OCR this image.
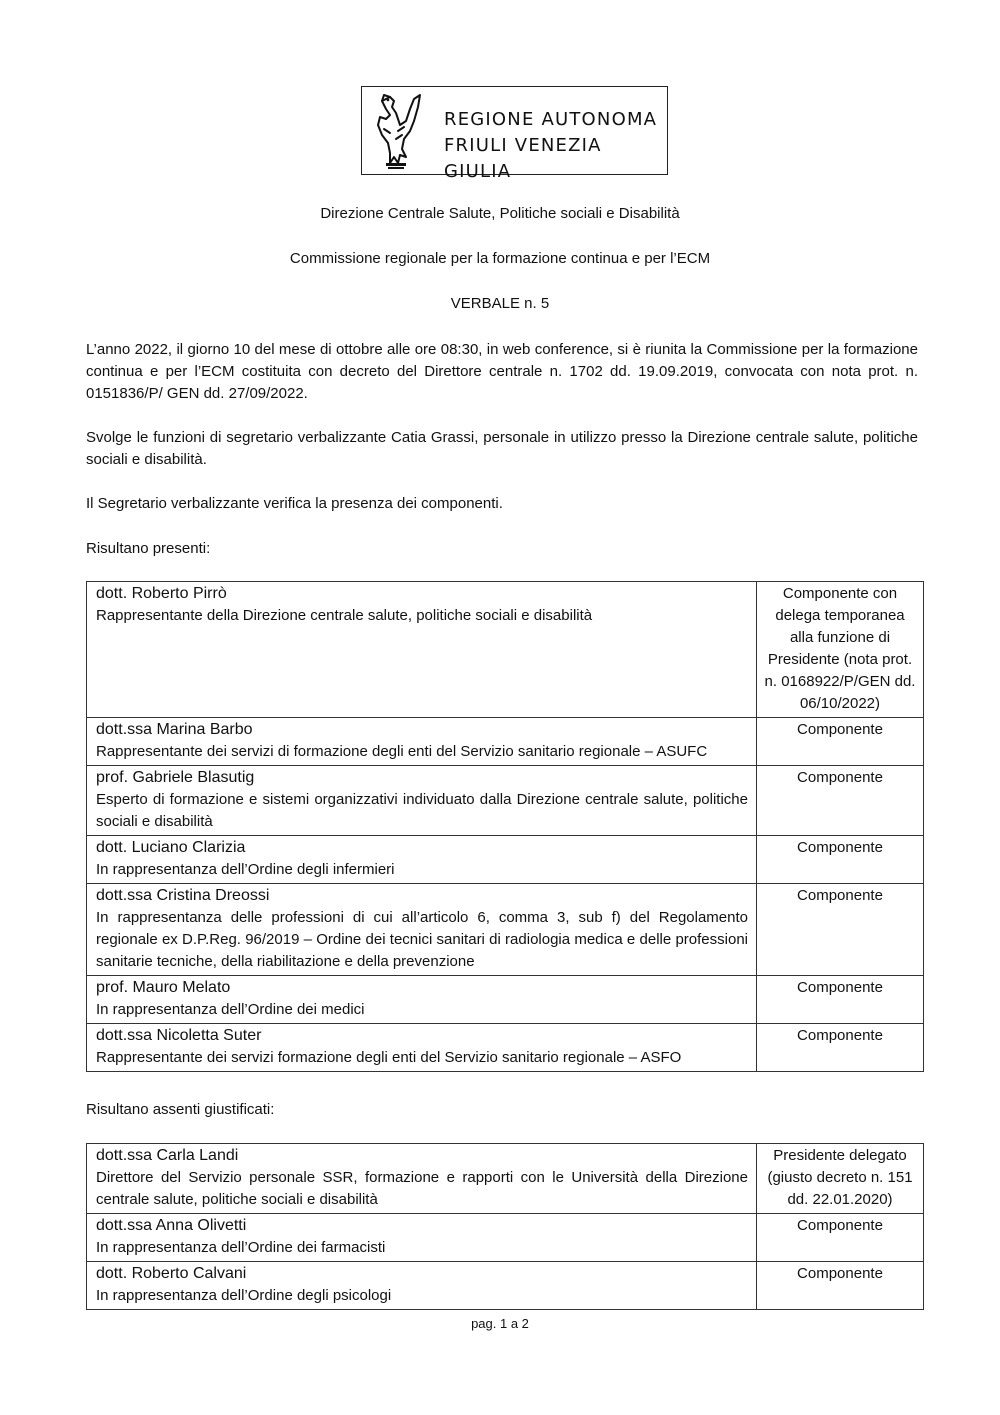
REGIONE AUTONOMA
FRIULI VENEZIA GIULIA
Direzione Centrale Salute, Politiche sociali e Disabilità
Commissione regionale per la formazione continua e per l’ECM
VERBALE n. 5

L’anno 2022, il giorno 10 del mese di ottobre alle ore 08:30, in web conference, si è riunita la Commissione per la formazione continua e per l’ECM costituita con decreto del Direttore centrale n. 1702 dd. 19.09.2019, convocata con nota prot. n. 0151836/P/ GEN dd. 27/09/2022.

Svolge le funzioni di segretario verbalizzante Catia Grassi, personale in utilizzo presso la Direzione centrale salute, politiche sociali e disabilità.

Il Segretario verbalizzante verifica la presenza dei componenti.

Risultano presenti:

dott. Roberto Pirrò
Rappresentante della Direzione centrale salute, politiche sociali e disabilità	Componente con delega temporanea alla funzione di Presidente (nota prot. n. 0168922/P/GEN dd. 06/10/2022)

dott.ssa Marina Barbo
Rappresentante dei servizi di formazione degli enti del Servizio sanitario regionale – ASUFC	Componente

prof. Gabriele Blasutig
Esperto di formazione e sistemi organizzativi individuato dalla Direzione centrale salute, politiche sociali e disabilità	Componente

dott. Luciano Clarizia
In rappresentanza dell’Ordine degli infermieri	Componente

dott.ssa Cristina Dreossi
In rappresentanza delle professioni di cui all’articolo 6, comma 3, sub f) del Regolamento regionale ex D.P.Reg. 96/2019 – Ordine dei tecnici sanitari di radiologia medica e delle professioni sanitarie tecniche, della riabilitazione e della prevenzione	Componente

prof. Mauro Melato
In rappresentanza dell’Ordine dei medici	Componente

dott.ssa Nicoletta Suter
Rappresentante dei servizi formazione degli enti del Servizio sanitario regionale – ASFO	Componente

Risultano assenti giustificati:

dott.ssa Carla Landi
Direttore del Servizio personale SSR, formazione e rapporti con le Università della Direzione centrale salute, politiche sociali e disabilità	Presidente delegato (giusto decreto n. 151 dd. 22.01.2020)

dott.ssa Anna Olivetti
In rappresentanza dell’Ordine dei farmacisti	Componente

dott. Roberto Calvani
In rappresentanza dell’Ordine degli psicologi	Componente
pag. 1 a 2
